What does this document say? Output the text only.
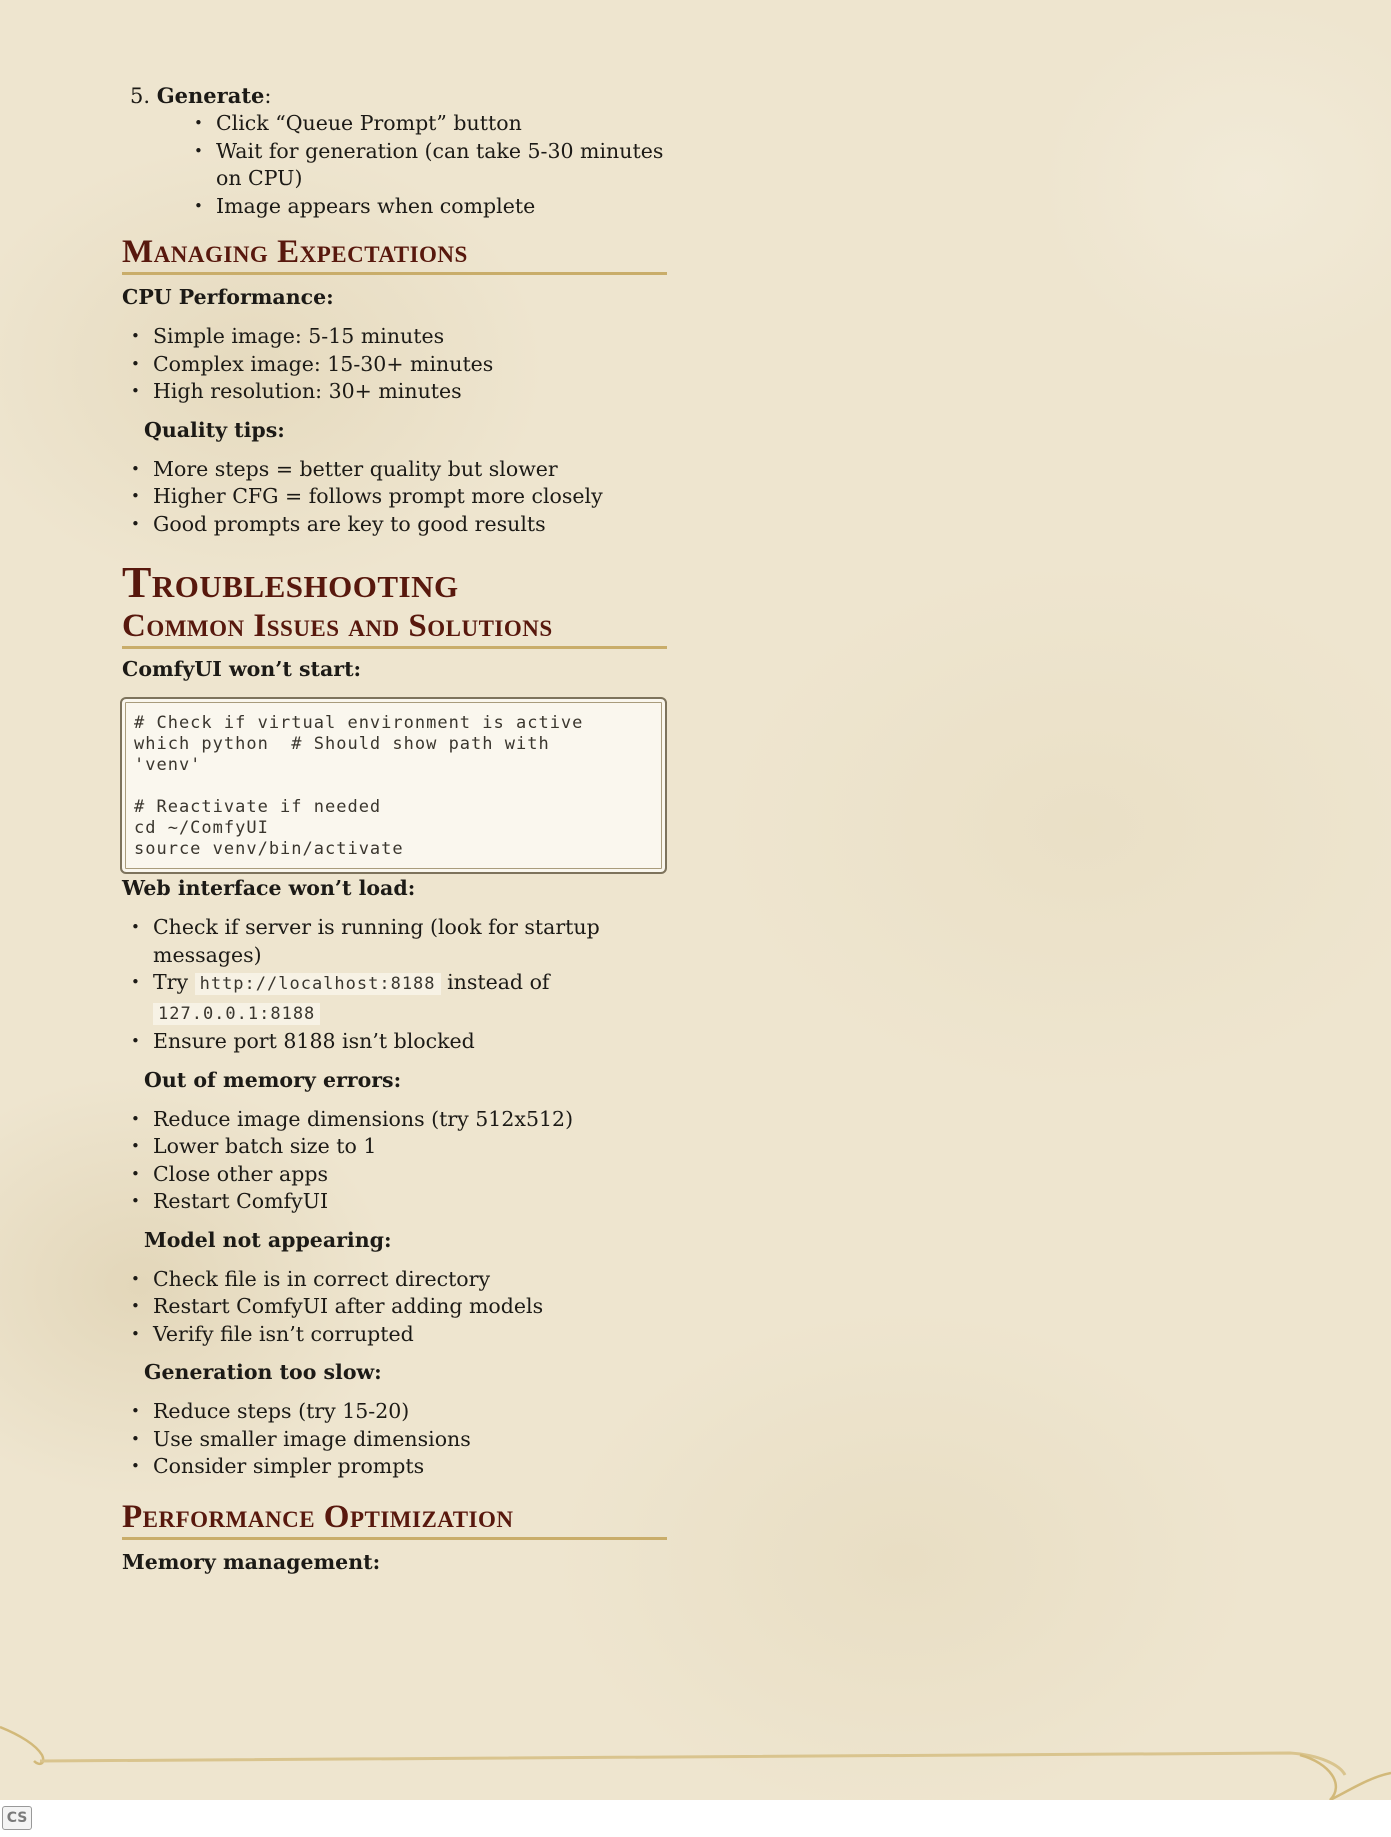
5. Generate:
• Click “Queue Prompt” button
• Wait for generation (can take 5-30 minutes on CPU)
• Image appears when complete
Managing Expectations
CPU Performance:
• Simple image: 5-15 minutes
• Complex image: 15-30+ minutes
• High resolution: 30+ minutes
Quality tips:
• More steps = better quality but slower
• Higher CFG = follows prompt more closely
• Good prompts are key to good results
Troubleshooting
Common Issues and Solutions
ComfyUI won’t start:
# Check if virtual environment is active
which python  # Should show path with
'venv'

# Reactivate if needed
cd ~/ComfyUI
source venv/bin/activate
Web interface won’t load:
• Check if server is running (look for startup messages)
• Try http://localhost:8188 instead of 127.0.0.1:8188
• Ensure port 8188 isn’t blocked
Out of memory errors:
• Reduce image dimensions (try 512x512)
• Lower batch size to 1
• Close other apps
• Restart ComfyUI
Model not appearing:
• Check file is in correct directory
• Restart ComfyUI after adding models
• Verify file isn’t corrupted
Generation too slow:
• Reduce steps (try 15-20)
• Use smaller image dimensions
• Consider simpler prompts
Performance Optimization
Memory management:
CS
